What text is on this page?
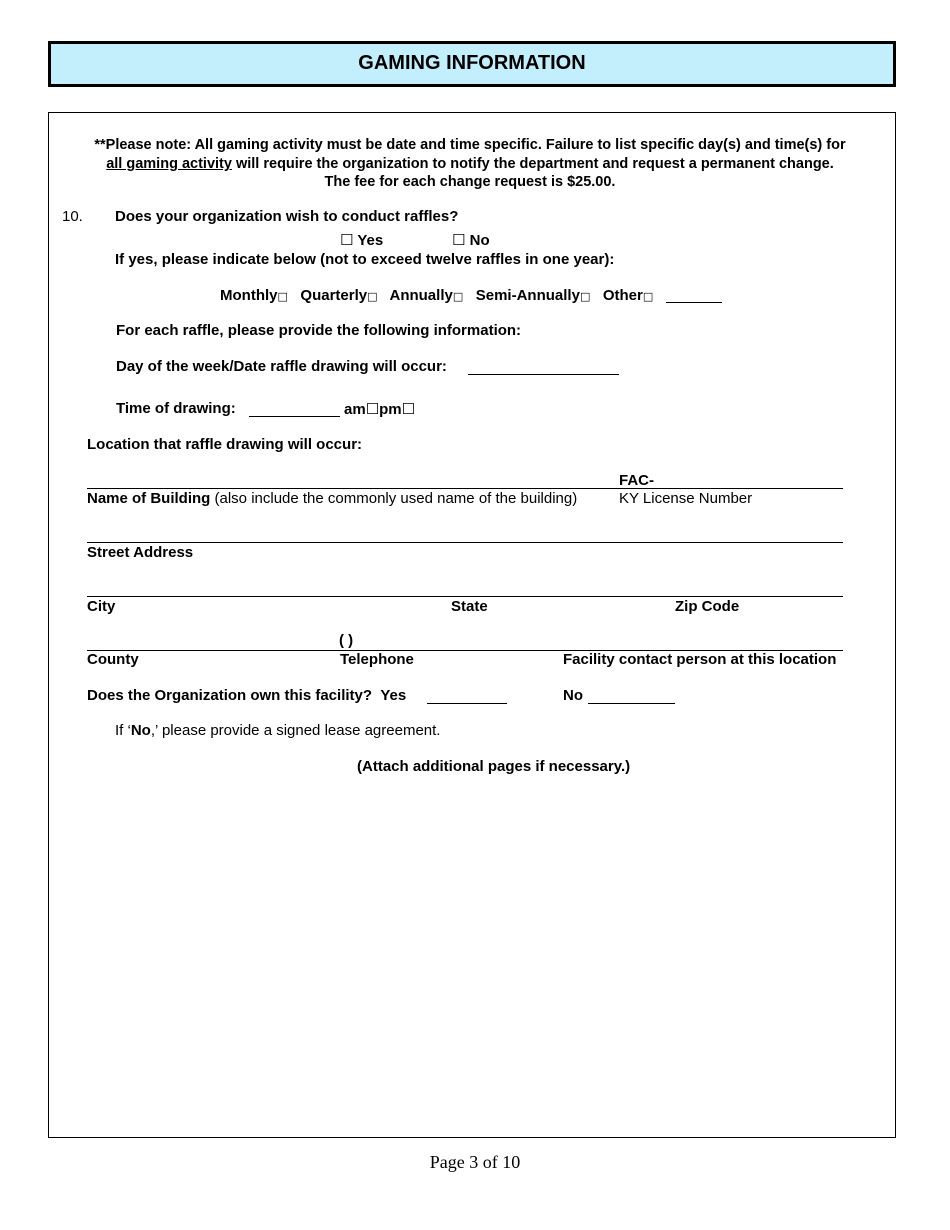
GAMING INFORMATION
**Please note: All gaming activity must be date and time specific. Failure to list specific day(s) and time(s) for
all gaming activity will require the organization to notify the department and request a permanent change.
The fee for each change request is $25.00.
10. Does your organization wish to conduct raffles?
☐ Yes	☐ No
If yes, please indicate below (not to exceed twelve raffles in one year):
Monthly□ Quarterly□ Annually□ Semi-Annually□ Other□
For each raffle, please provide the following information:
Day of the week/Date raffle drawing will occur:
Time of drawing:	am☐pm☐
Location that raffle drawing will occur:
FAC-
Name of Building (also include the commonly used name of the building)	KY License Number
Street Address
City	State	Zip Code
( )
County	Telephone	Facility contact person at this location
Does the Organization own this facility? Yes	No
If ‘No,’ please provide a signed lease agreement.
(Attach additional pages if necessary.)
Page 3 of 10
